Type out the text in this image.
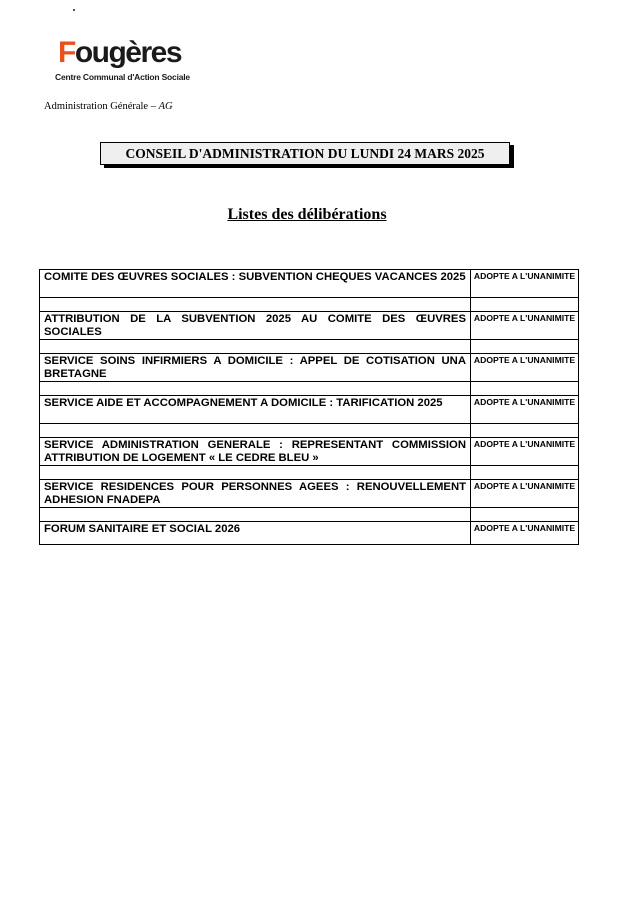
Fougères
Centre Communal d'Action Sociale
Administration Générale – AG
CONSEIL D'ADMINISTRATION DU LUNDI 24 MARS 2025
Listes des délibérations
COMITE DES ŒUVRES SOCIALES : SUBVENTION CHEQUES VACANCES 2025	ADOPTE A L'UNANIMITE

ATTRIBUTION DE LA SUBVENTION 2025 AU COMITE DES ŒUVRES SOCIALES	ADOPTE A L'UNANIMITE

SERVICE SOINS INFIRMIERS A DOMICILE : APPEL DE COTISATION UNA BRETAGNE	ADOPTE A L'UNANIMITE

SERVICE AIDE ET ACCOMPAGNEMENT A DOMICILE : TARIFICATION 2025	ADOPTE A L'UNANIMITE

SERVICE ADMINISTRATION GENERALE : REPRESENTANT COMMISSION ATTRIBUTION DE LOGEMENT « LE CEDRE BLEU »	ADOPTE A L'UNANIMITE

SERVICE RESIDENCES POUR PERSONNES AGEES : RENOUVELLEMENT ADHESION FNADEPA	ADOPTE A L'UNANIMITE

FORUM SANITAIRE ET SOCIAL 2026	ADOPTE A L'UNANIMITE
